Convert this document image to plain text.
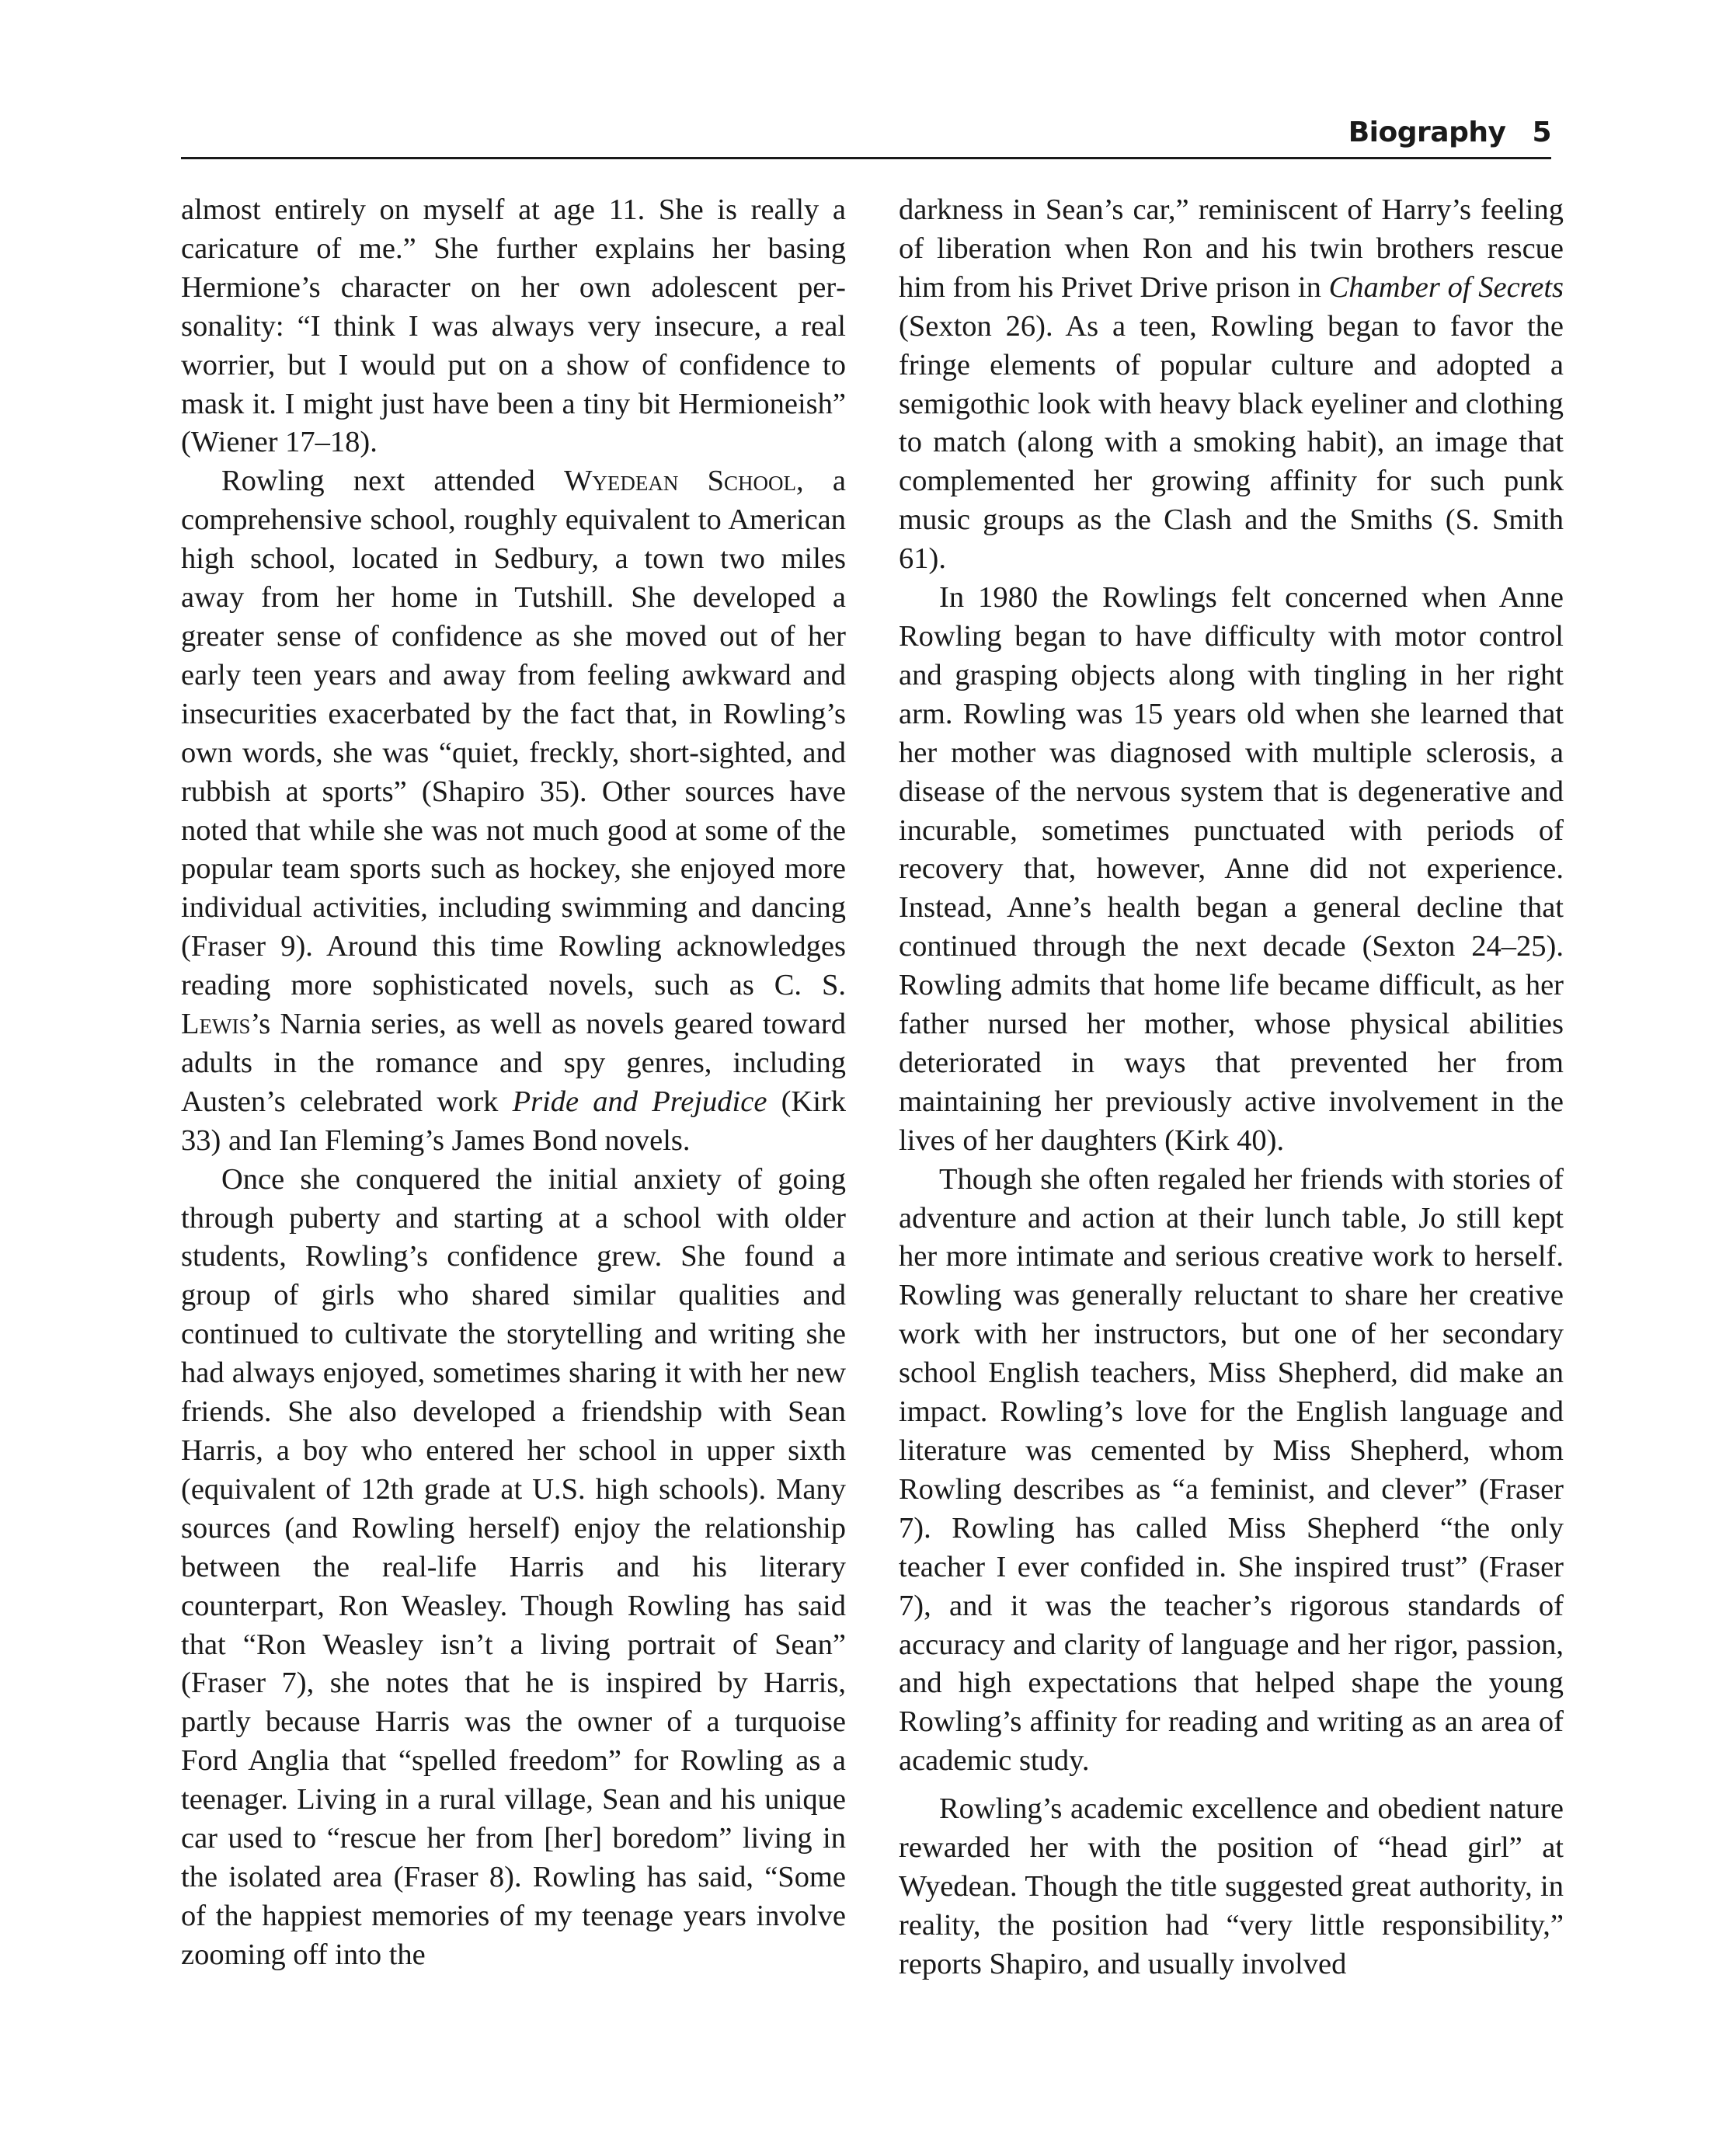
Biography 5

almost entirely on myself at age 11. She is really a caricature of me.” She further explains her basing Hermione’s character on her own adolescent personality: “I think I was always very insecure, a real worrier, but I would put on a show of confidence to mask it. I might just have been a tiny bit Hermioneish” (Wiener 17–18).

Rowling next attended Wyedean School, a comprehensive school, roughly equivalent to American high school, located in Sedbury, a town two miles away from her home in Tutshill. She developed a greater sense of confidence as she moved out of her early teen years and away from feeling awkward and insecurities exacerbated by the fact that, in Rowling’s own words, she was “quiet, freckly, short-sighted, and rubbish at sports” (Shapiro 35). Other sources have noted that while she was not much good at some of the popular team sports such as hockey, she enjoyed more individual activities, including swimming and dancing (Fraser 9). Around this time Rowling acknowledges reading more sophisticated novels, such as C. S. Lewis’s Narnia series, as well as novels geared toward adults in the romance and spy genres, including Austen’s celebrated work Pride and Prejudice (Kirk 33) and Ian Fleming’s James Bond novels.

Once she conquered the initial anxiety of going through puberty and starting at a school with older students, Rowling’s confidence grew. She found a group of girls who shared similar qualities and continued to cultivate the storytelling and writing she had always enjoyed, sometimes sharing it with her new friends. She also developed a friendship with Sean Harris, a boy who entered her school in upper sixth (equivalent of 12th grade at U.S. high schools). Many sources (and Rowling herself) enjoy the relationship between the real-life Harris and his literary counterpart, Ron Weasley. Though Rowling has said that “Ron Weasley isn’t a living portrait of Sean” (Fraser 7), she notes that he is inspired by Harris, partly because Harris was the owner of a turquoise Ford Anglia that “spelled freedom” for Rowling as a teenager. Living in a rural village, Sean and his unique car used to “rescue her from [her] boredom” living in the isolated area (Fraser 8). Rowling has said, “Some of the happiest memories of my teenage years involve zooming off into the

darkness in Sean’s car,” reminiscent of Harry’s feeling of liberation when Ron and his twin brothers rescue him from his Privet Drive prison in Chamber of Secrets (Sexton 26). As a teen, Rowling began to favor the fringe elements of popular culture and adopted a semigothic look with heavy black eyeliner and clothing to match (along with a smoking habit), an image that complemented her growing affinity for such punk music groups as the Clash and the Smiths (S. Smith 61).

In 1980 the Rowlings felt concerned when Anne Rowling began to have difficulty with motor control and grasping objects along with tingling in her right arm. Rowling was 15 years old when she learned that her mother was diagnosed with multiple sclerosis, a disease of the nervous system that is degenerative and incurable, sometimes punctuated with periods of recovery that, however, Anne did not experience. Instead, Anne’s health began a general decline that continued through the next decade (Sexton 24–25). Rowling admits that home life became difficult, as her father nursed her mother, whose physical abilities deteriorated in ways that prevented her from maintaining her previously active involvement in the lives of her daughters (Kirk 40).

Though she often regaled her friends with stories of adventure and action at their lunch table, Jo still kept her more intimate and serious creative work to herself. Rowling was generally reluctant to share her creative work with her instructors, but one of her secondary school English teachers, Miss Shepherd, did make an impact. Rowling’s love for the English language and literature was cemented by Miss Shepherd, whom Rowling describes as “a feminist, and clever” (Fraser 7). Rowling has called Miss Shepherd “the only teacher I ever confided in. She inspired trust” (Fraser 7), and it was the teacher’s rigorous standards of accuracy and clarity of language and her rigor, passion, and high expectations that helped shape the young Rowling’s affinity for reading and writing as an area of academic study.

Rowling’s academic excellence and obedient nature rewarded her with the position of “head girl” at Wyedean. Though the title suggested great authority, in reality, the position had “very little responsibility,” reports Shapiro, and usually involved
